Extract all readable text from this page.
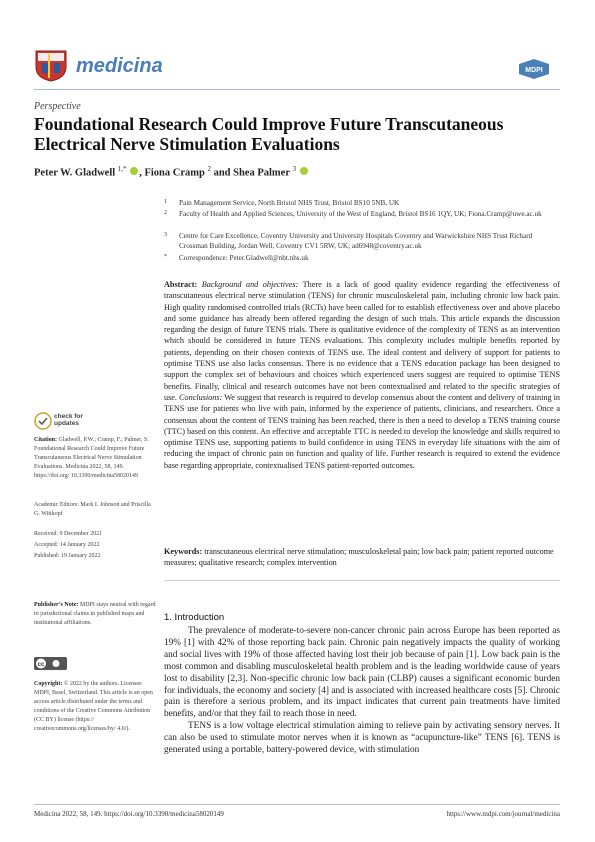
medicina	MDPI
Perspective
Foundational Research Could Improve Future Transcutaneous Electrical Nerve Stimulation Evaluations
Peter W. Gladwell $^{1,*}$ , Fiona Cramp $^2$ and Shea Palmer $^3$
1 Pain Management Service, North Bristol NHS Trust, Bristol BS10 5NB, UK
2 Faculty of Health and Applied Sciences, University of the West of England, Bristol BS16 1QY, UK; Fiona.Cramp@uwe.ac.uk
3 Centre for Care Excellence, Coventry University and University Hospitals Coventry and Warwickshire NHS Trust Richard Crossman Building, Jordan Well, Coventry CV1 5RW, UK; ad6948@coventry.ac.uk
* Correspondence: Peter.Gladwell@nbt.nhs.uk
Abstract: Background and objectives: There is a lack of good quality evidence regarding the effectiveness of transcutaneous electrical nerve stimulation (TENS) for chronic musculoskeletal pain, including chronic low back pain. High quality randomised controlled trials (RCTs) have been called for to establish effectiveness over and above placebo and some guidance has already been offered regarding the design of such trials. This article expands the discussion regarding the design of future TENS trials. There is qualitative evidence of the complexity of TENS as an intervention which should be considered in future TENS evaluations. This complexity includes multiple benefits reported by patients, depending on their chosen contexts of TENS use. The ideal content and delivery of support for patients to optimise TENS use also lacks consensus. There is no evidence that a TENS education package has been designed to support the complex set of behaviours and choices which experienced users suggest are required to optimise TENS benefits. Finally, clinical and research outcomes have not been contextualised and related to the specific strategies of use. Conclusions: We suggest that research is required to develop consensus about the content and delivery of training in TENS use for patients who live with pain, informed by the experience of patients, clinicians, and researchers. Once a consensus about the content of TENS training has been reached, there is then a need to develop a TENS training course (TTC) based on this content. An effective and acceptable TTC is needed to develop the knowledge and skills required to optimise TENS use, supporting patients to build confidence in using TENS in everyday life situations with the aim of reducing the impact of chronic pain on function and quality of life. Further research is required to extend the evidence base regarding appropriate, contextualised TENS patient-reported outcomes.
Keywords: transcutaneous electrical nerve stimulation; musculoskeletal pain; low back pain; patient reported outcome measures; qualitative research; complex intervention
check for
updates
Citation: Gladwell, P.W.; Cramp, F.; Palmer, S. Foundational Research Could Improve Future Transcutaneous Electrical Nerve Stimulation Evaluations. Medicina 2022, 58, 149. https://doi.org/ 10.3390/medicina58020149
Academic Editors: Mark I. Johnson and Priscilla G. Wittkopf
Received: 9 December 2021
Accepted: 14 January 2022
Published: 19 January 2022
Publisher’s Note: MDPI stays neutral with regard to jurisdictional claims in published maps and institutional affiliations.
cc
Copyright: © 2022 by the authors. Licensee MDPI, Basel, Switzerland. This article is an open access article distributed under the terms and conditions of the Creative Commons Attribution (CC BY) license (https:// creativecommons.org/licenses/by/ 4.0/).
1. Introduction

The prevalence of moderate-to-severe non-cancer chronic pain across Europe has been reported as 19% [1] with 42% of those reporting back pain. Chronic pain negatively impacts the quality of working and social lives with 19% of those affected having lost their job because of pain [1]. Low back pain is the most common and disabling musculoskeletal health problem and is the leading worldwide cause of years lost to disability [2,3]. Non-specific chronic low back pain (CLBP) causes a significant economic burden for individuals, the economy and society [4] and is associated with increased healthcare costs [5]. Chronic pain is therefore a serious problem, and its impact indicates that current pain treatments have limited benefits, and/or that they fail to reach those in need.

TENS is a low voltage electrical stimulation aiming to relieve pain by activating sensory nerves. It can also be used to stimulate motor nerves when it is known as “acupuncture-like” TENS [6]. TENS is generated using a portable, battery-powered device, with stimulation

Medicina 2022, 58, 149. https://doi.org/10.3390/medicina58020149	https://www.mdpi.com/journal/medicina
